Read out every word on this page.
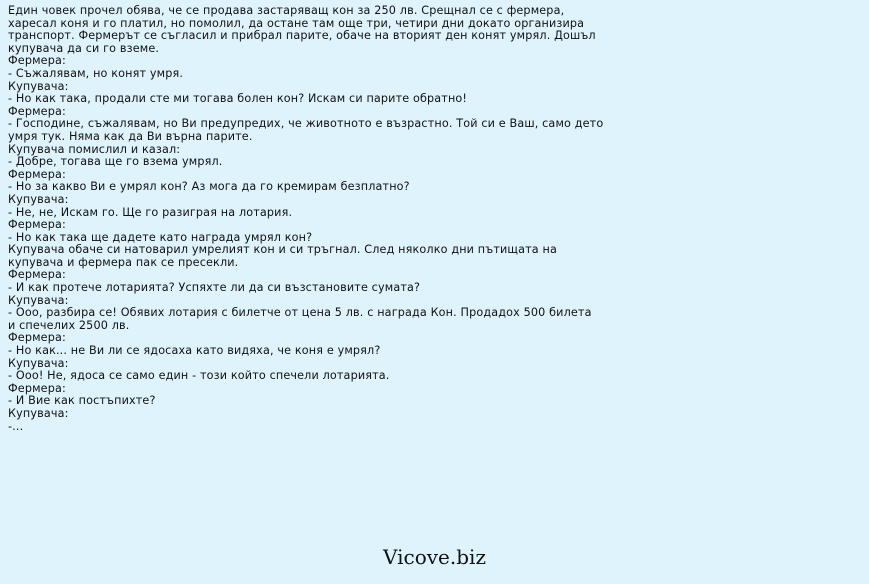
Един човек прочел обява, че се продава застаряващ кон за 250 лв. Срещнал се с фермера,
харесал коня и го платил, но помолил, да остане там още три, четири дни докато организира
транспорт. Фермерът се съгласил и прибрал парите, обаче на вторият ден конят умрял. Дошъл
купувача да си го вземе.
Фермера:
- Съжалявам, но конят умря.
Купувача:
- Но как така, продали сте ми тогава болен кон? Искам си парите обратно!
Фермера:
- Господине, съжалявам, но Ви предупредих, че животното е възрастно. Той си е Ваш, само дето
умря тук. Няма как да Ви върна парите.
Купувача помислил и казал:
- Добре, тогава ще го взема умрял.
Фермера:
- Но за какво Ви е умрял кон? Аз мога да го кремирам безплатно?
Купувача:
- Не, не, Искам го. Ще го разиграя на лотария.
Фермера:
- Но как така ще дадете като награда умрял кон?
Купувача обаче си натоварил умрелият кон и си тръгнал. След няколко дни пътищата на
купувача и фермера пак се пресекли.
Фермера:
- И как протече лотарията? Успяхте ли да си възстановите сумата?
Купувача:
- Ооо, разбира се! Обявих лотария с билетче от цена 5 лв. с награда Кон. Продадох 500 билета
и спечелих 2500 лв.
Фермера:
- Но как... не Ви ли се ядосаха като видяха, че коня е умрял?
Купувача:
- Ооо! Не, ядоса се само един - този който спечели лотарията.
Фермера:
- И Вие как постъпихте?
Купувача:
-...
Vicove.biz
